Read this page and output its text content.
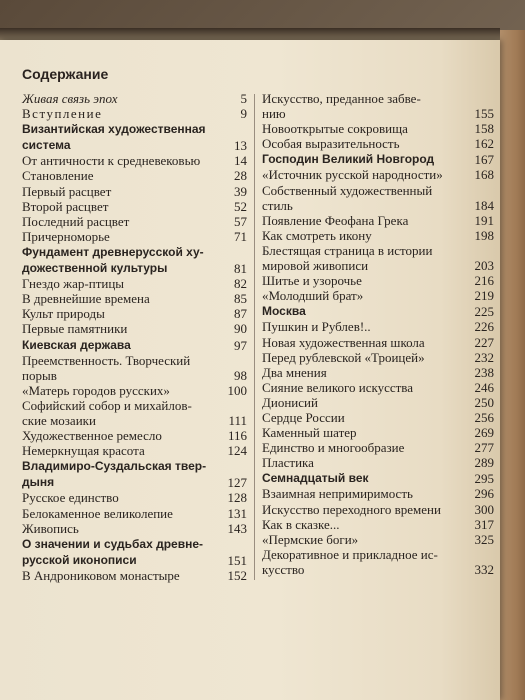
Содержание
Живая связь эпох	5
Вступление	9
Византийская художественная
система	13
От античности к средневековью	14
Становление	28
Первый расцвет	39
Второй расцвет	52
Последний расцвет	57
Причерноморье	71
Фундамент древнерусской ху-
дожественной культуры	81
Гнездо жар-птицы	82
В древнейшие времена	85
Культ природы	87
Первые памятники	90
Киевская держава	97
Преемственность. Творческий
порыв	98
«Матерь городов русских»	100
Софийский собор и михайлов-
ские мозаики	111
Художественное ремесло	116
Немеркнущая красота	124
Владимиро-Суздальская твер-
дыня	127
Русское единство	128
Белокаменное великолепие	131
Живопись	143
О значении и судьбах древне-
русской иконописи	151
В Андрониковом монастыре	152
Искусство, преданное забве-
нию	155
Новооткрытые сокровища	158
Особая выразительность	162
Господин Великий Новгород	167
«Источник русской народности» 168
Собственный художественный
стиль	184
Появление Феофана Грека	191
Как смотреть икону	198
Блестящая страница в истории
мировой живописи	203
Шитье и узорочье	216
«Молодший брат»	219
Москва	225
Пушкин и Рублев!..	226
Новая художественная школа	227
Перед рублевской «Троицей»	232
Два мнения	238
Сияние великого искусства	246
Дионисий	250
Сердце России	256
Каменный шатер	269
Единство и многообразие	277
Пластика	289
Семнадцатый век	295
Взаимная непримиримость	296
Искусство переходного времени	300
Как в сказке...	317
«Пермские боги»	325
Декоративное и прикладное ис-
кусство	332
